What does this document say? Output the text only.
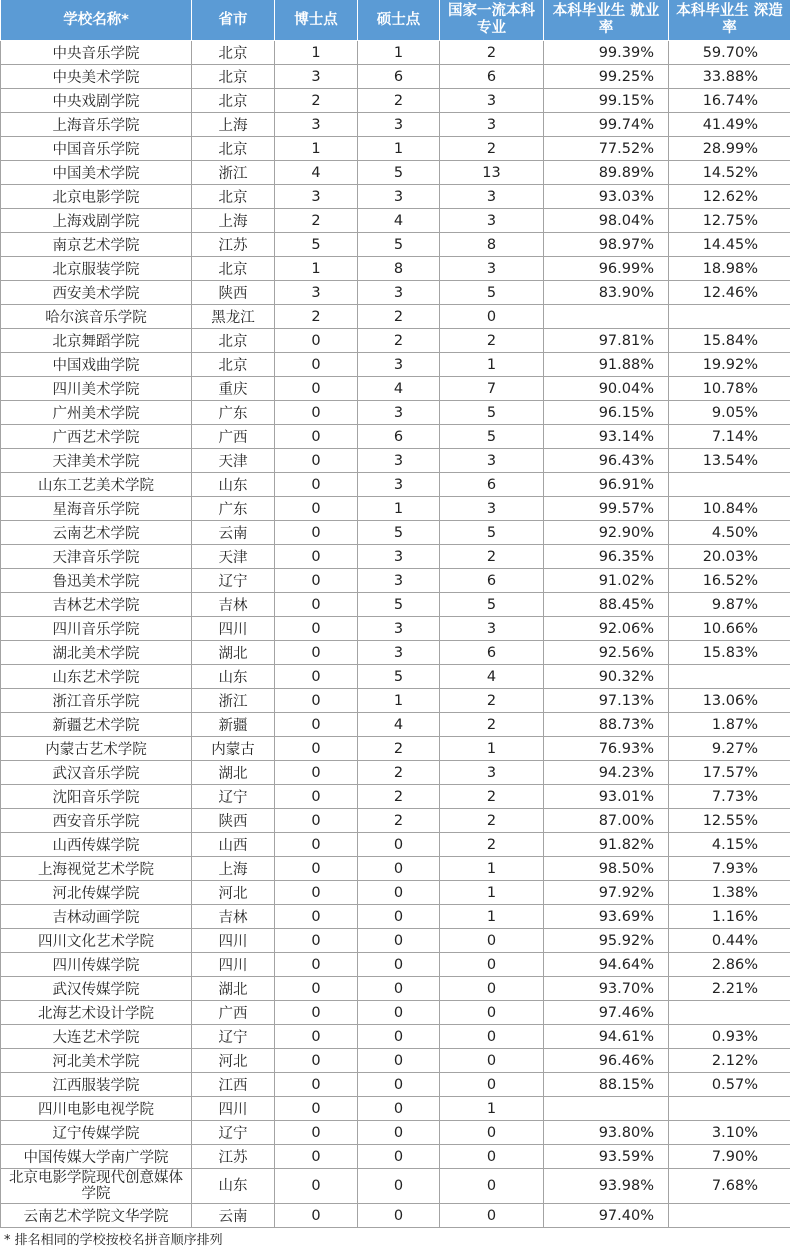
学校名称*	省市	博士点	硕士点	国家一流本科专业	本科毕业生 就业率	本科毕业生 深造率
中央音乐学院	北京	1	1	2	99.39%	59.70%
中央美术学院	北京	3	6	6	99.25%	33.88%
中央戏剧学院	北京	2	2	3	99.15%	16.74%
上海音乐学院	上海	3	3	3	99.74%	41.49%
中国音乐学院	北京	1	1	2	77.52%	28.99%
中国美术学院	浙江	4	5	13	89.89%	14.52%
北京电影学院	北京	3	3	3	93.03%	12.62%
上海戏剧学院	上海	2	4	3	98.04%	12.75%
南京艺术学院	江苏	5	5	8	98.97%	14.45%
北京服装学院	北京	1	8	3	96.99%	18.98%
西安美术学院	陕西	3	3	5	83.90%	12.46%
哈尔滨音乐学院	黑龙江	2	2	0		
北京舞蹈学院	北京	0	2	2	97.81%	15.84%
中国戏曲学院	北京	0	3	1	91.88%	19.92%
四川美术学院	重庆	0	4	7	90.04%	10.78%
广州美术学院	广东	0	3	5	96.15%	9.05%
广西艺术学院	广西	0	6	5	93.14%	7.14%
天津美术学院	天津	0	3	3	96.43%	13.54%
山东工艺美术学院	山东	0	3	6	96.91%	
星海音乐学院	广东	0	1	3	99.57%	10.84%
云南艺术学院	云南	0	5	5	92.90%	4.50%
天津音乐学院	天津	0	3	2	96.35%	20.03%
鲁迅美术学院	辽宁	0	3	6	91.02%	16.52%
吉林艺术学院	吉林	0	5	5	88.45%	9.87%
四川音乐学院	四川	0	3	3	92.06%	10.66%
湖北美术学院	湖北	0	3	6	92.56%	15.83%
山东艺术学院	山东	0	5	4	90.32%	
浙江音乐学院	浙江	0	1	2	97.13%	13.06%
新疆艺术学院	新疆	0	4	2	88.73%	1.87%
内蒙古艺术学院	内蒙古	0	2	1	76.93%	9.27%
武汉音乐学院	湖北	0	2	3	94.23%	17.57%
沈阳音乐学院	辽宁	0	2	2	93.01%	7.73%
西安音乐学院	陕西	0	2	2	87.00%	12.55%
山西传媒学院	山西	0	0	2	91.82%	4.15%
上海视觉艺术学院	上海	0	0	1	98.50%	7.93%
河北传媒学院	河北	0	0	1	97.92%	1.38%
吉林动画学院	吉林	0	0	1	93.69%	1.16%
四川文化艺术学院	四川	0	0	0	95.92%	0.44%
四川传媒学院	四川	0	0	0	94.64%	2.86%
武汉传媒学院	湖北	0	0	0	93.70%	2.21%
北海艺术设计学院	广西	0	0	0	97.46%	
大连艺术学院	辽宁	0	0	0	94.61%	0.93%
河北美术学院	河北	0	0	0	96.46%	2.12%
江西服装学院	江西	0	0	0	88.15%	0.57%
四川电影电视学院	四川	0	0	1		
辽宁传媒学院	辽宁	0	0	0	93.80%	3.10%
中国传媒大学南广学院	江苏	0	0	0	93.59%	7.90%
北京电影学院现代创意媒体学院	山东	0	0	0	93.98%	7.68%
云南艺术学院文华学院	云南	0	0	0	97.40%	
* 排名相同的学校按校名拼音顺序排列
